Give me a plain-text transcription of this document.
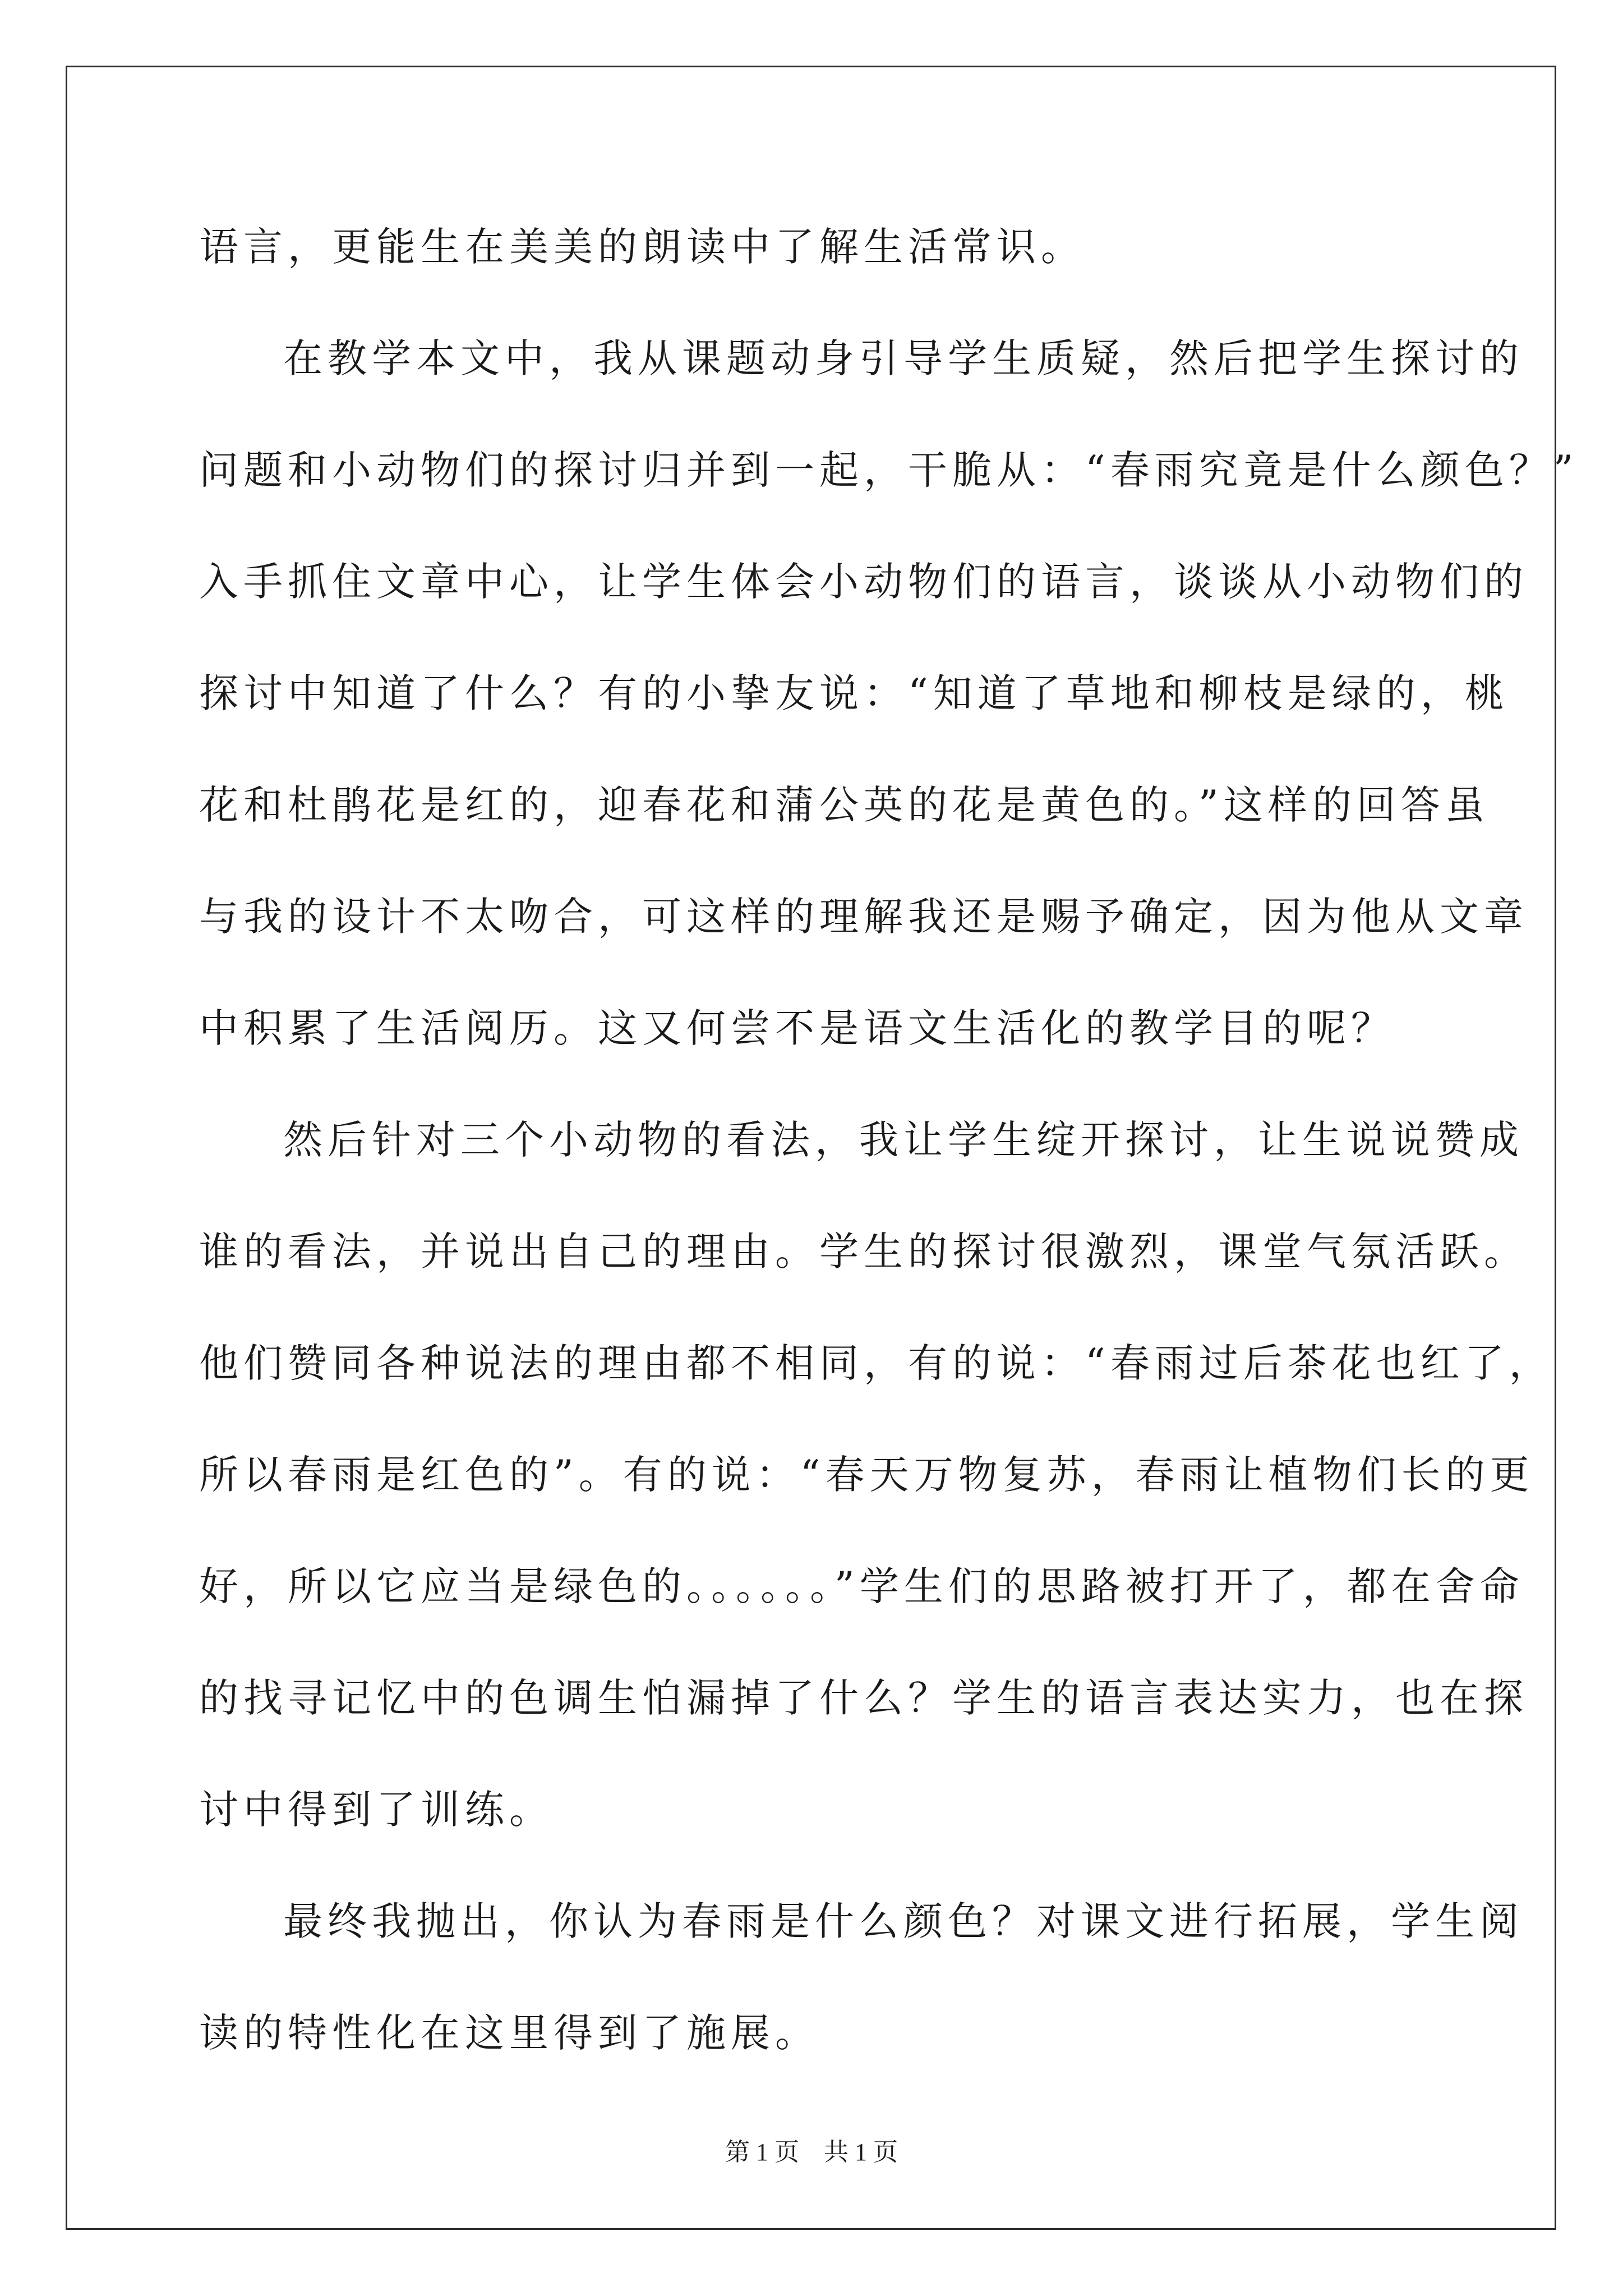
语言，更能生在美美的朗读中了解生活常识。
在教学本文中，我从课题动身引导学生质疑，然后把学生探讨的
问题和小动物们的探讨归并到一起，干脆从：“春雨究竟是什么颜色？”
入手抓住文章中心，让学生体会小动物们的语言，谈谈从小动物们的
探讨中知道了什么？有的小挚友说：“知道了草地和柳枝是绿的，桃
花和杜鹃花是红的，迎春花和蒲公英的花是黄色的。”这样的回答虽
与我的设计不太吻合，可这样的理解我还是赐予确定，因为他从文章
中积累了生活阅历。这又何尝不是语文生活化的教学目的呢？
然后针对三个小动物的看法，我让学生绽开探讨，让生说说赞成
谁的看法，并说出自己的理由。学生的探讨很激烈，课堂气氛活跃。
他们赞同各种说法的理由都不相同，有的说：“春雨过后茶花也红了，
所以春雨是红色的”。有的说：“春天万物复苏，春雨让植物们长的更
好，所以它应当是绿色的。。。。。。”学生们的思路被打开了，都在舍命
的找寻记忆中的色调生怕漏掉了什么？学生的语言表达实力，也在探
讨中得到了训练。
最终我抛出，你认为春雨是什么颜色？对课文进行拓展，学生阅
读的特性化在这里得到了施展。
第 1 页　共 1 页
